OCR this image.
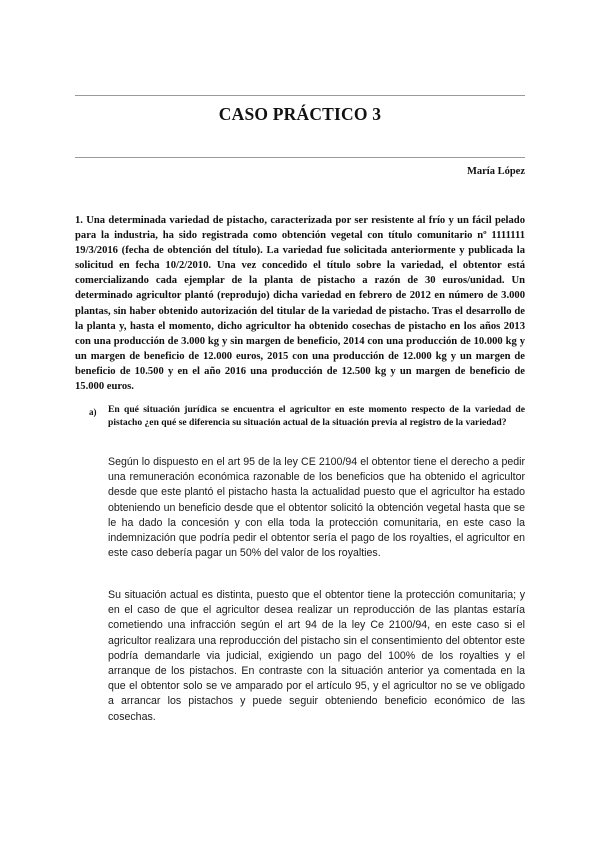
CASO PRÁCTICO 3
María López

1. Una determinada variedad de pistacho, caracterizada por ser resistente al frío y un fácil pelado para la industria, ha sido registrada como obtención vegetal con título comunitario nº 1111111 19/3/2016 (fecha de obtención del título). La variedad fue solicitada anteriormente y publicada la solicitud en fecha 10/2/2010. Una vez concedido el título sobre la variedad, el obtentor está comercializando cada ejemplar de la planta de pistacho a razón de 30 euros/unidad. Un determinado agricultor plantó (reprodujo) dicha variedad en febrero de 2012 en número de 3.000 plantas, sin haber obtenido autorización del titular de la variedad de pistacho. Tras el desarrollo de la planta y, hasta el momento, dicho agricultor ha obtenido cosechas de pistacho en los años 2013 con una producción de 3.000 kg y sin margen de beneficio, 2014 con una producción de 10.000 kg y un margen de beneficio de 12.000 euros, 2015 con una producción de 12.000 kg y un margen de beneficio de 10.500 y en el año 2016 una producción de 12.500 kg y un margen de beneficio de 15.000 euros.

a) En qué situación jurídica se encuentra el agricultor en este momento respecto de la variedad de pistacho ¿en qué se diferencia su situación actual de la situación previa al registro de la variedad?

Según lo dispuesto en el art 95 de la ley CE 2100/94 el obtentor tiene el derecho a pedir una remuneración económica razonable de los beneficios que ha obtenido el agricultor desde que este plantó el pistacho hasta la actualidad puesto que el agricultor ha estado obteniendo un beneficio desde que el obtentor solicitó la obtención vegetal hasta que se le ha dado la concesión y con ella toda la protección comunitaria, en este caso la indemnización que podría pedir el obtentor sería el pago de los royalties, el agricultor en este caso debería pagar un 50% del valor de los royalties.

Su situación actual es distinta, puesto que el obtentor tiene la protección comunitaria; y en el caso de que el agricultor desea realizar un reproducción de las plantas estaría cometiendo una infracción según el art 94 de la ley Ce 2100/94, en este caso si el agricultor realizara una reproducción del pistacho sin el consentimiento del obtentor este podría demandarle via judicial, exigiendo un pago del 100% de los royalties y el arranque de los pistachos. En contraste con la situación anterior ya comentada en la que el obtentor solo se ve amparado por el artículo 95, y el agricultor no se ve obligado a arrancar los pistachos y puede seguir obteniendo beneficio económico de las cosechas.
